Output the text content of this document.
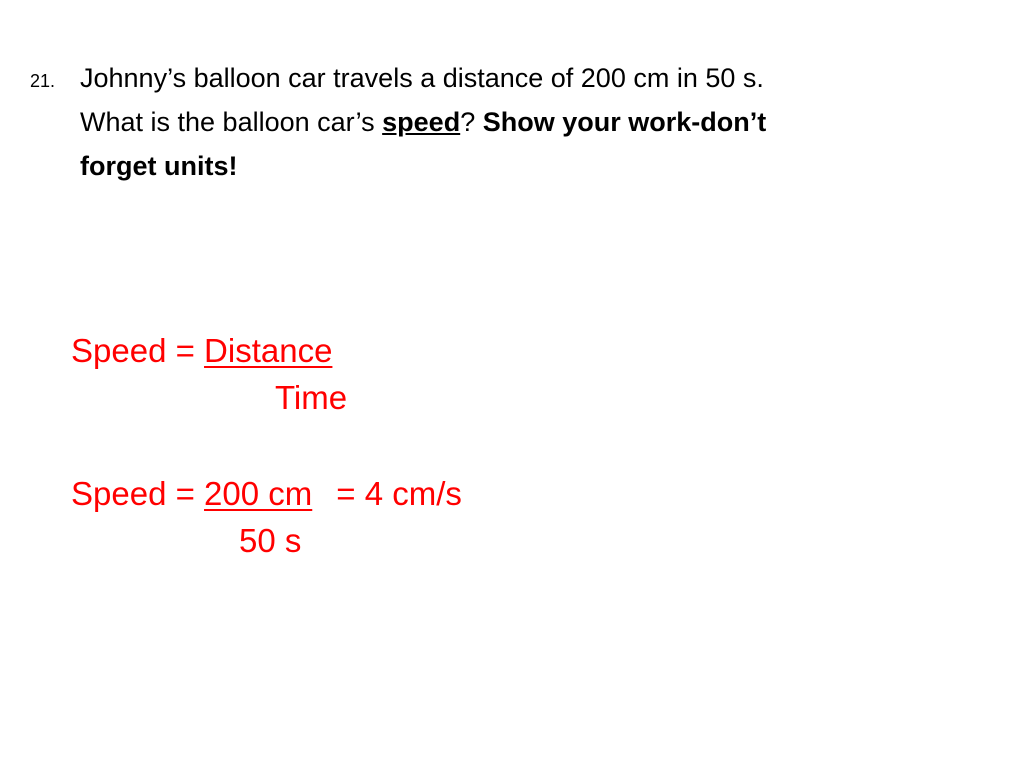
21. Johnny’s balloon car travels a distance of 200 cm in 50 s.
What is the balloon car’s speed? Show your work-don’t
forget units!
Speed = Distance
Time
Speed = 200 cm = 4 cm/s
50 s
